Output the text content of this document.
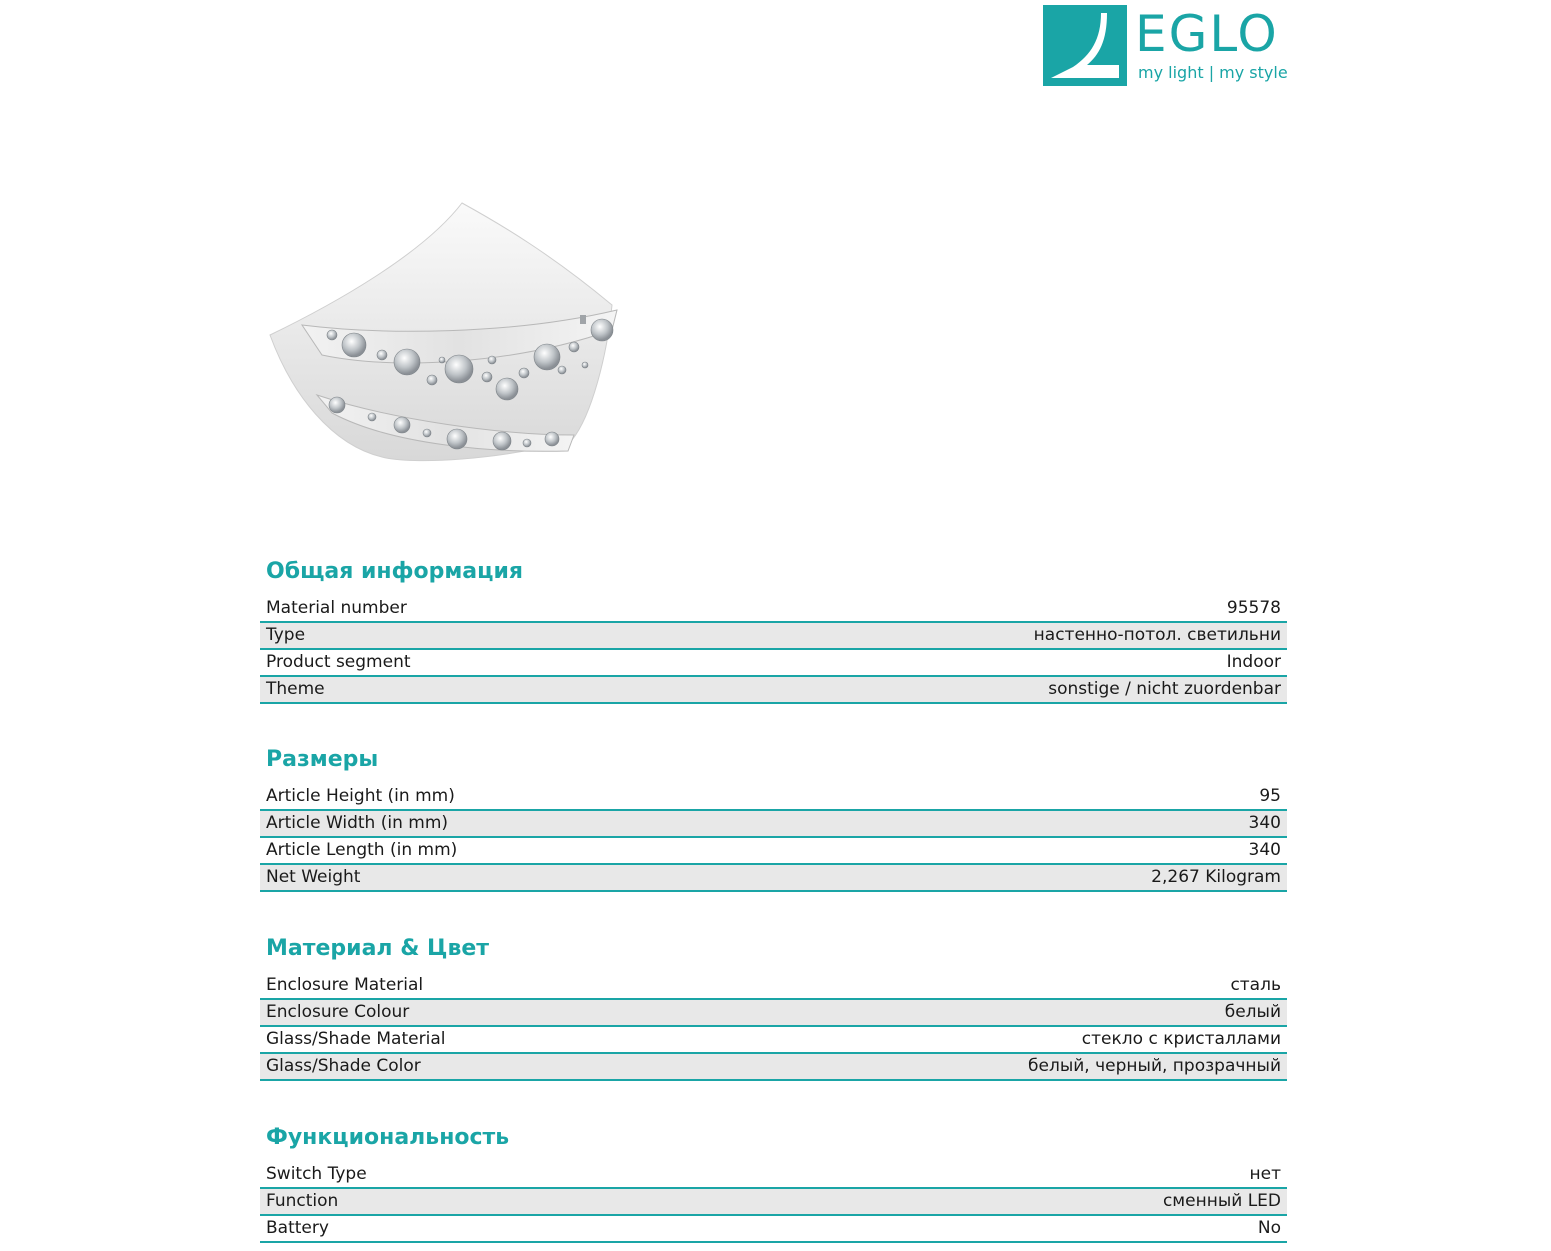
EGLO
my light | my style
Общая информация
Material number	95578
Type	настенно-потол. светильни
Product segment	Indoor
Theme	sonstige / nicht zuordenbar
Размеры
Article Height (in mm)	95
Article Width (in mm)	340
Article Length (in mm)	340
Net Weight	2,267 Kilogram
Материал & Цвет
Enclosure Material	сталь
Enclosure Colour	белый
Glass/Shade Material	стекло с кристаллами
Glass/Shade Color	белый, черный, прозрачный
Функциональность
Switch Type	нет
Function	сменный LED
Battery	No
